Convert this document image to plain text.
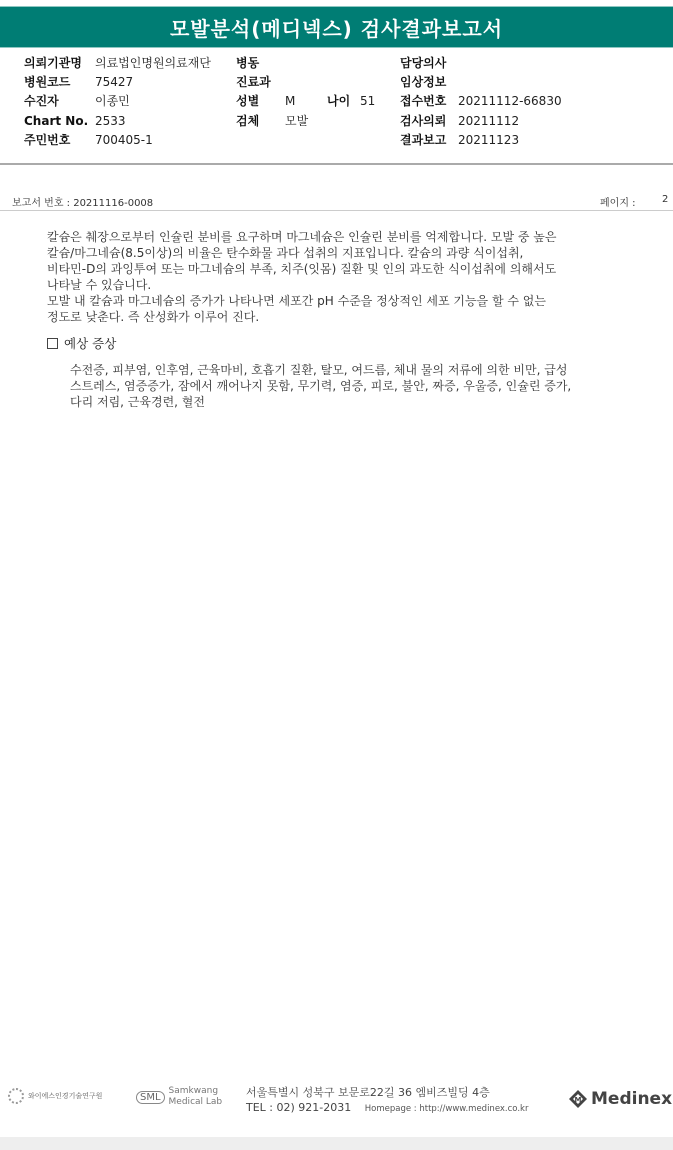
모발분석(메디넥스) 검사결과보고서
의뢰기관명 의료법인명원의료재단 병동	담당의사
병원코드 75427	진료과	임상정보
수진자	이종민	성별 M	나이 51 접수번호 20211112-66830
Chart No. 2533	검체 모발	검사의뢰 20211112
주민번호 700405-1	결과보고 20211123
보고서 번호 : 20211116-0008	페이지 :	2
칼슘은 췌장으로부터 인슐린 분비를 요구하며 마그네슘은 인슐린 분비를 억제합니다. 모발 중 높은
칼슘/마그네슘(8.5이상)의 비율은 탄수화물 과다 섭취의 지표입니다. 칼슘의 과량 식이섭취,
비타민-D의 과잉투여 또는 마그네슘의 부족, 치주(잇몸) 질환 및 인의 과도한 식이섭취에 의해서도
나타날 수 있습니다.
모발 내 칼슘과 마그네슘의 증가가 나타나면 세포간 pH 수준을 정상적인 세포 기능을 할 수 없는
정도로 낮춘다. 즉 산성화가 이루어 진다.
예상 증상
수전증, 피부염, 인후염, 근육마비, 호흡기 질환, 탈모, 여드름, 체내 물의 저류에 의한 비만, 급성
스트레스, 염증증가, 잠에서 깨어나지 못함, 무기력, 염증, 피로, 불안, 짜증, 우울증, 인슐린 증가,
다리 저림, 근육경련, 혈전
와이에스인경기술연구원	SML
Samkwang
Medical Lab
서울특별시 성북구 보문로22길 36 엠비즈빌딩 4층
TEL : 02) 921-2031 Homepage : http://www.medinex.co.kr
M Medinex
